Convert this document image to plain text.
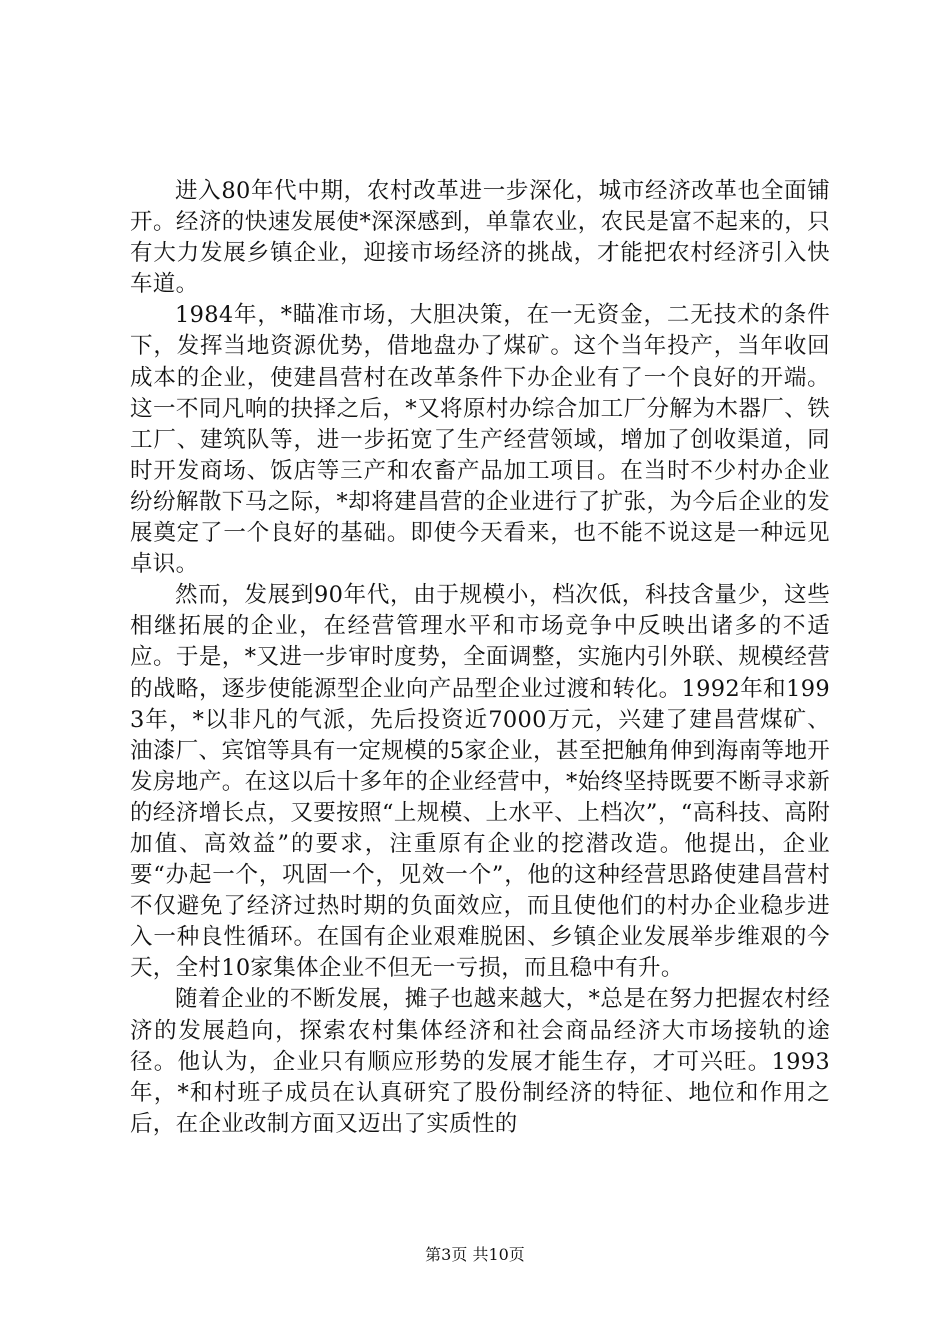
进入80年代中期，农村改革进一步深化，城市经济改革也全面铺开。经济的快速发展使*深深感到，单靠农业，农民是富不起来的，只有大力发展乡镇企业，迎接市场经济的挑战，才能把农村经济引入快车道。

1984年，*瞄准市场，大胆决策，在一无资金，二无技术的条件下，发挥当地资源优势，借地盘办了煤矿。这个当年投产，当年收回成本的企业，使建昌营村在改革条件下办企业有了一个良好的开端。这一不同凡响的抉择之后，*又将原村办综合加工厂分解为木器厂、铁工厂、建筑队等，进一步拓宽了生产经营领域，增加了创收渠道，同时开发商场、饭店等三产和农畜产品加工项目。在当时不少村办企业纷纷解散下马之际，*却将建昌营的企业进行了扩张，为今后企业的发展奠定了一个良好的基础。即使今天看来，也不能不说这是一种远见卓识。

然而，发展到90年代，由于规模小，档次低，科技含量少，这些相继拓展的企业，在经营管理水平和市场竞争中反映出诸多的不适应。于是，*又进一步审时度势，全面调整，实施内引外联、规模经营的战略，逐步使能源型企业向产品型企业过渡和转化。1992年和1993年，*以非凡的气派，先后投资近7000万元，兴建了建昌营煤矿、油漆厂、宾馆等具有一定规模的5家企业，甚至把触角伸到海南等地开发房地产。在这以后十多年的企业经营中，*始终坚持既要不断寻求新的经济增长点，又要按照“上规模、上水平、上档次”，“高科技、高附加值、高效益”的要求，注重原有企业的挖潜改造。他提出，企业要“办起一个，巩固一个，见效一个”，他的这种经营思路使建昌营村不仅避免了经济过热时期的负面效应，而且使他们的村办企业稳步进入一种良性循环。在国有企业艰难脱困、乡镇企业发展举步维艰的今天，全村10家集体企业不但无一亏损，而且稳中有升。

随着企业的不断发展，摊子也越来越大，*总是在努力把握农村经济的发展趋向，探索农村集体经济和社会商品经济大市场接轨的途径。他认为，企业只有顺应形势的发展才能生存，才可兴旺。1993年，*和村班子成员在认真研究了股份制经济的特征、地位和作用之后，在企业改制方面又迈出了实质性的

第3页 共10页
